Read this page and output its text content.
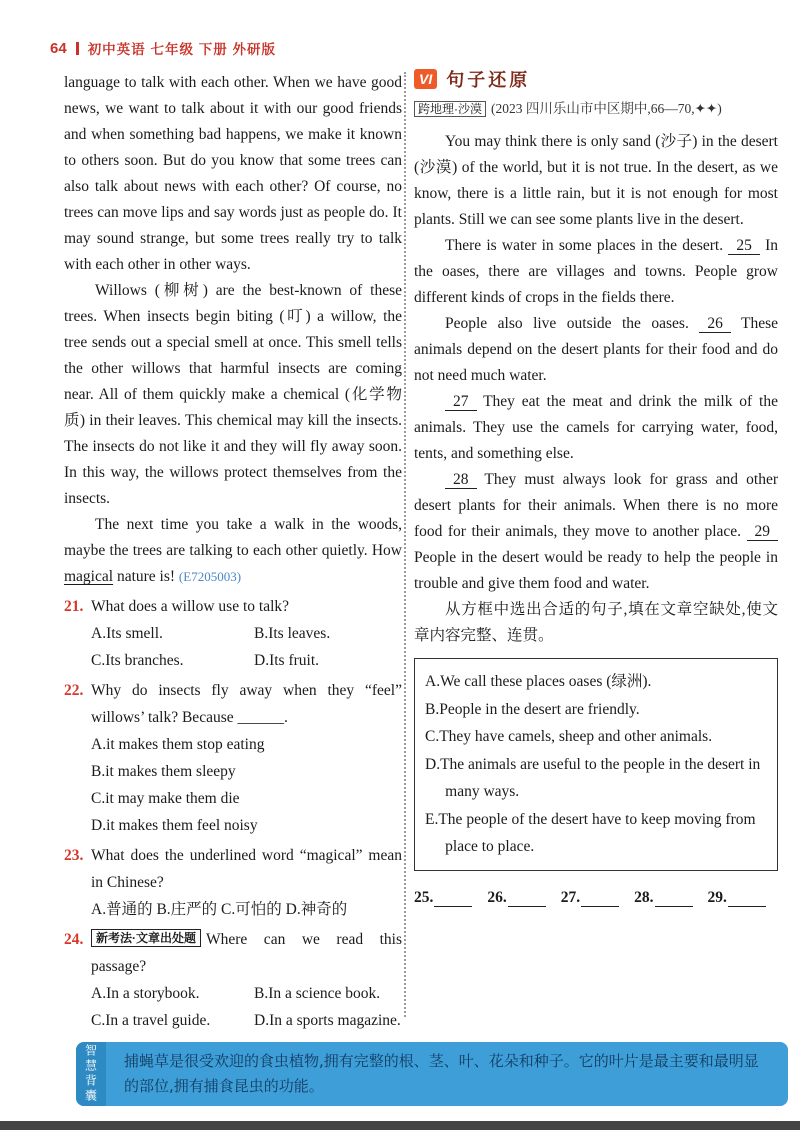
64 初中英语 七年级 下册 外研版

language to talk with each other. When we have good news, we want to talk about it with our good friends and when something bad happens, we make it known to others soon. But do you know that some trees can also talk about news with each other? Of course, no trees can move lips and say words just as people do. It may sound strange, but some trees really try to talk with each other in other ways.

Willows (柳树) are the best-known of these trees. When insects begin biting (叮) a willow, the tree sends out a special smell at once. This smell tells the other willows that harmful insects are coming near. All of them quickly make a chemical (化学物质) in their leaves. This chemical may kill the insects. The insects do not like it and they will fly away soon. In this way, the willows protect themselves from the insects.

The next time you take a walk in the woods, maybe the trees are talking to each other quietly. How magical nature is! (E7205003)

21. What does a willow use to talk?
A.Its smell.	B.Its leaves.
C.Its branches.	D.Its fruit.
22. Why do insects fly away when they “feel” willows’ talk? Because ______.
A.it makes them stop eating
B.it makes them sleepy
C.it may make them die
D.it makes them feel noisy
23. What does the underlined word “magical” mean in Chinese?
A.普通的 B.庄严的 C.可怕的 D.神奇的
24. 新考法·文章出处题 Where can we read this passage?
A.In a storybook.	B.In a science book.
C.In a travel guide.	D.In a sports magazine.
VI 句子还原
跨地理·沙漠 (2023 四川乐山市中区期中,66—70,✦✦)

You may think there is only sand (沙子) in the desert (沙漠) of the world, but it is not true. In the desert, as we know, there is a little rain, but it is not enough for most plants. Still we can see some plants live in the desert.

There is water in some places in the desert. 25 In the oases, there are villages and towns. People grow different kinds of crops in the fields there.

People also live outside the oases. 26 These animals depend on the desert plants for their food and do not need much water.

27 They eat the meat and drink the milk of the animals. They use the camels for carrying water, food, tents, and something else.

28 They must always look for grass and other desert plants for their animals. When there is no more food for their animals, they move to another place. 29 People in the desert would be ready to help the people in trouble and give them food and water.

从方框中选出合适的句子,填在文章空缺处,使文章内容完整、连贯。

A.We call these places oases (绿洲).

B.People in the desert are friendly.

C.They have camels, sheep and other animals.

D.The animals are useful to the people in the desert in many ways.

E.The people of the desert have to keep moving from place to place.

25.	26.	27.	28.	29.
智慧背囊	捕蝇草是很受欢迎的食虫植物,拥有完整的根、茎、叶、花朵和种子。它的叶片是最主要和最明显的部位,拥有捕食昆虫的功能。
